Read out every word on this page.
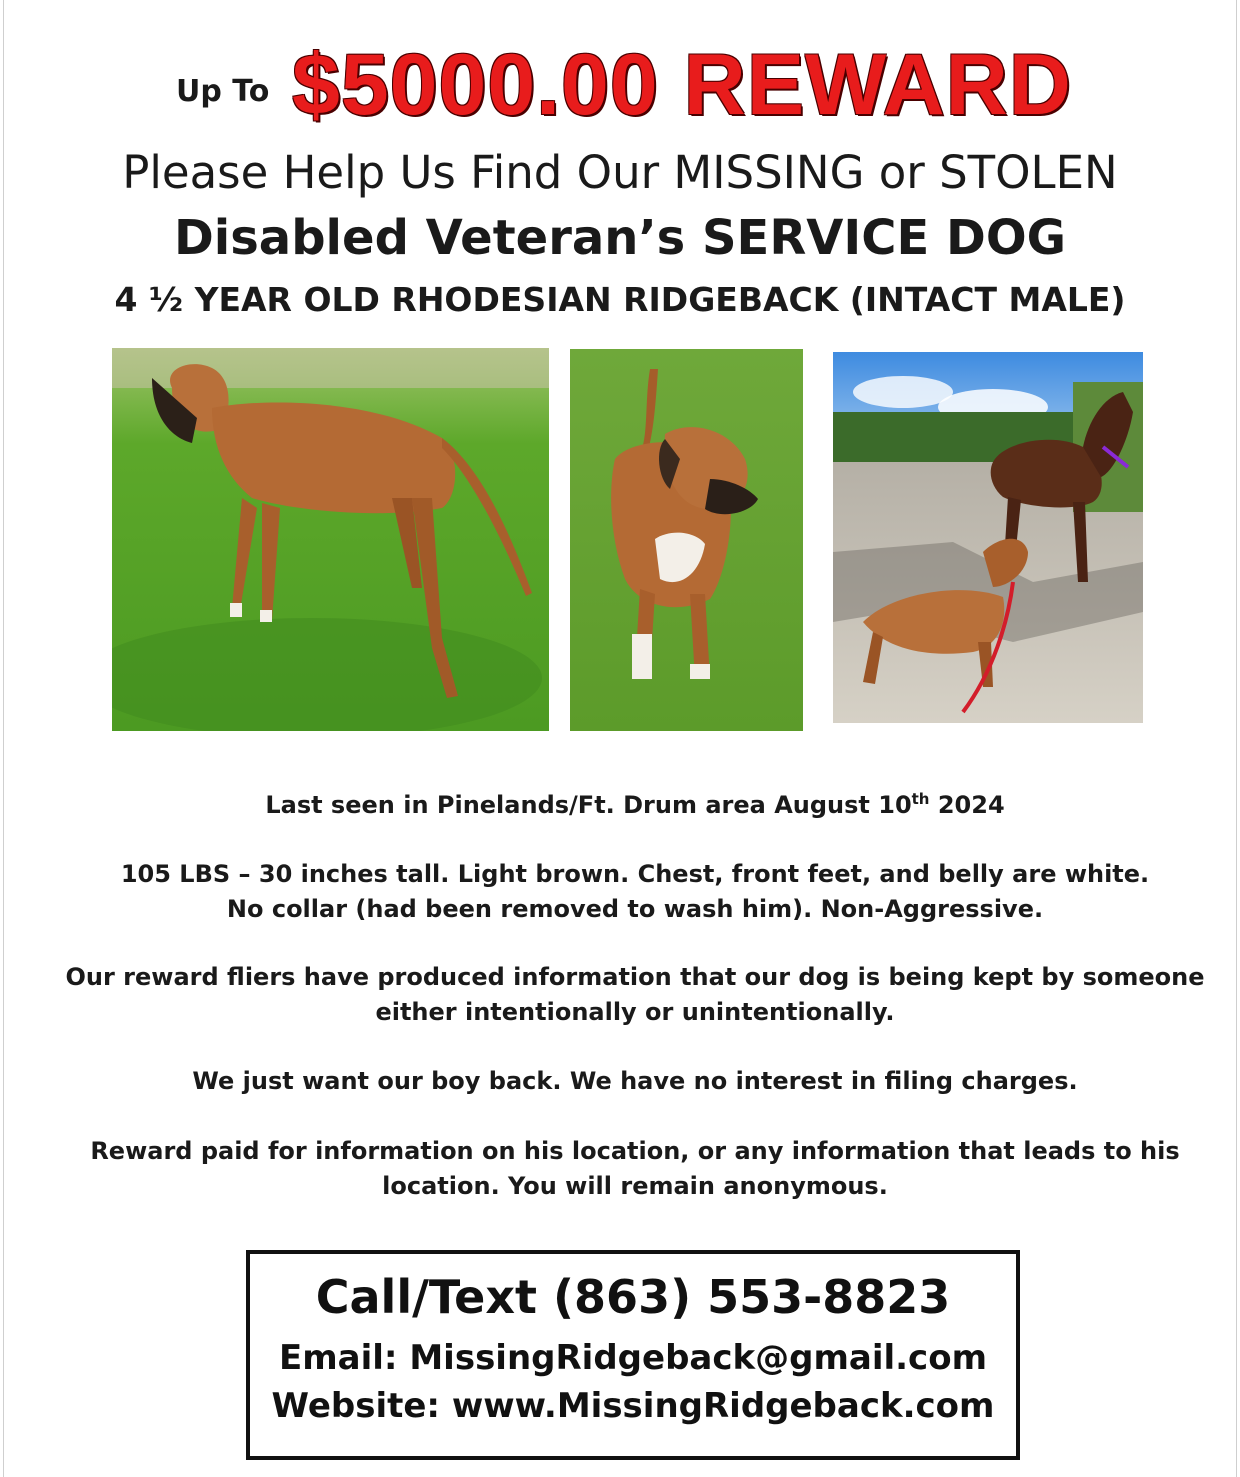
Up To $5000.00 REWARD
Please Help Us Find Our MISSING or STOLEN
Disabled Veteran’s SERVICE DOG
4 ½ YEAR OLD RHODESIAN RIDGEBACK (INTACT MALE)
Last seen in Pinelands/Ft. Drum area August 10th 2024
105 LBS – 30 inches tall. Light brown. Chest, front feet, and belly are white.
No collar (had been removed to wash him). Non-Aggressive.
Our reward fliers have produced information that our dog is being kept by someone
either intentionally or unintentionally.
We just want our boy back. We have no interest in filing charges.
Reward paid for information on his location, or any information that leads to his
location. You will remain anonymous.
Call/Text (863) 553-8823
Email: MissingRidgeback@gmail.com
Website: www.MissingRidgeback.com
